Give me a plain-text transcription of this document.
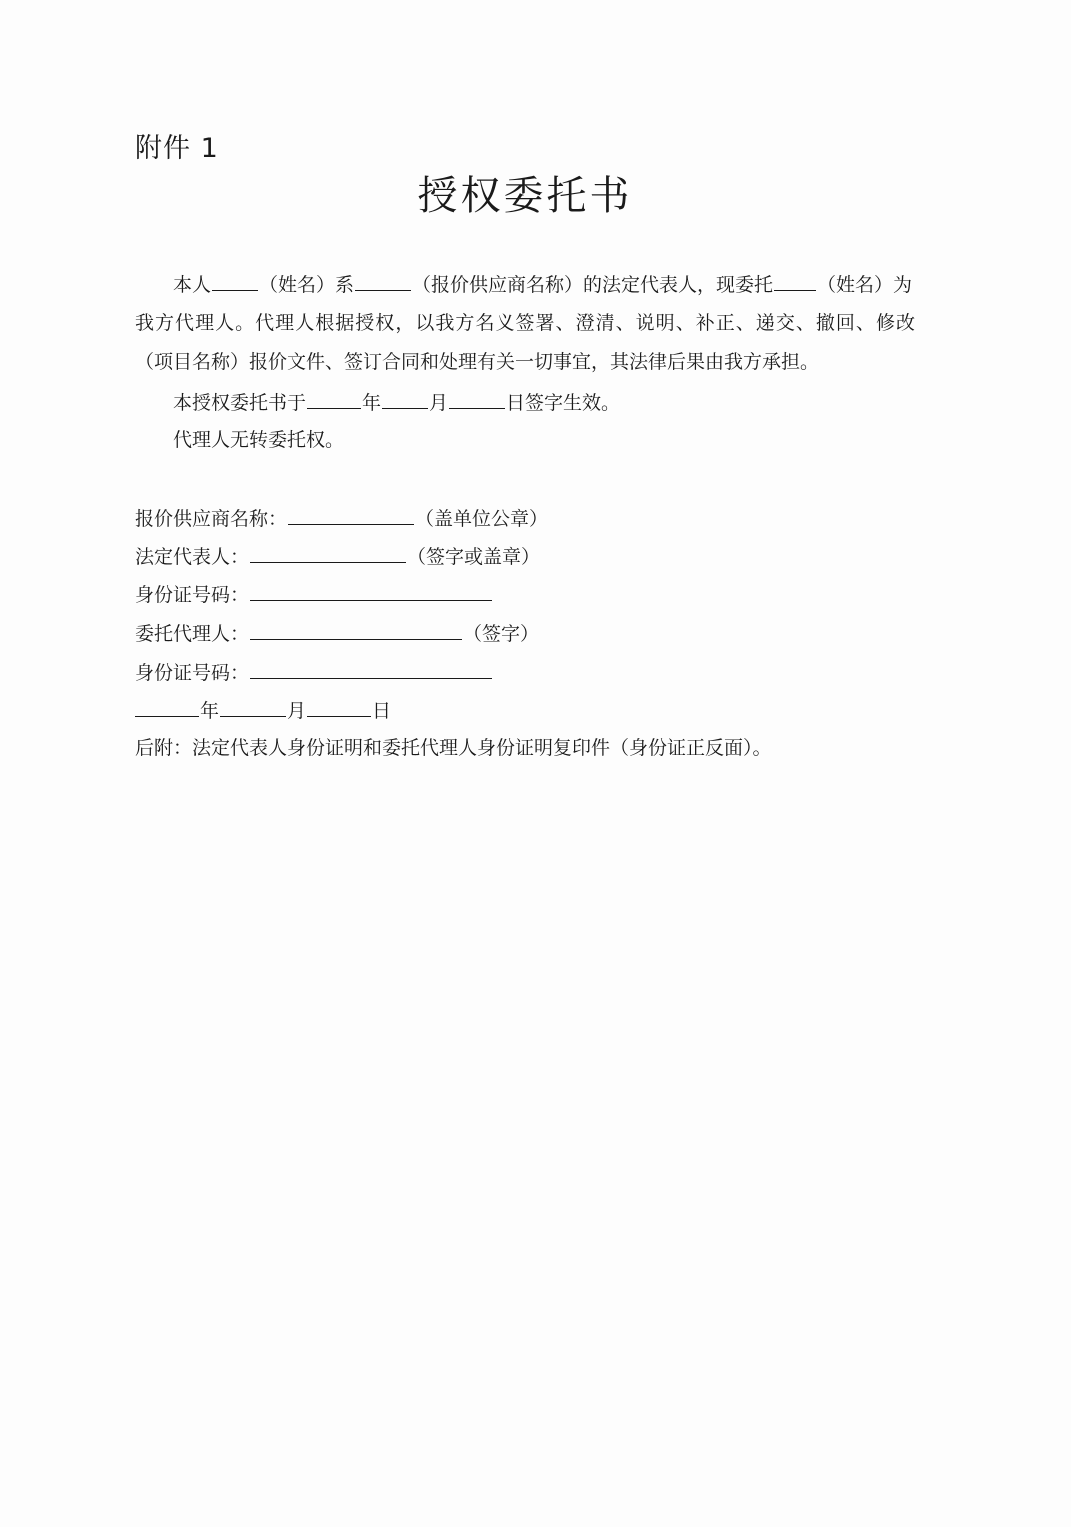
附件 1
授权委托书
本人	（姓名）系	（报价供应商名称）的法定代表人，现委托 （姓名）为
我方代理人。代理人根据授权，以我方名义签署、澄清、说明、补正、递交、撤回、修改
（项目名称）报价文件、签订合同和处理有关一切事宜，其法律后果由我方承担。
本授权委托书于	年	月	日签字生效。
代理人无转委托权。
报价供应商名称：	（盖单位公章）
法定代表人：	（签字或盖章）
身份证号码：
委托代理人：	（签字）
身份证号码：
年	月	日
后附：法定代表人身份证明和委托代理人身份证明复印件（身份证正反面）。
